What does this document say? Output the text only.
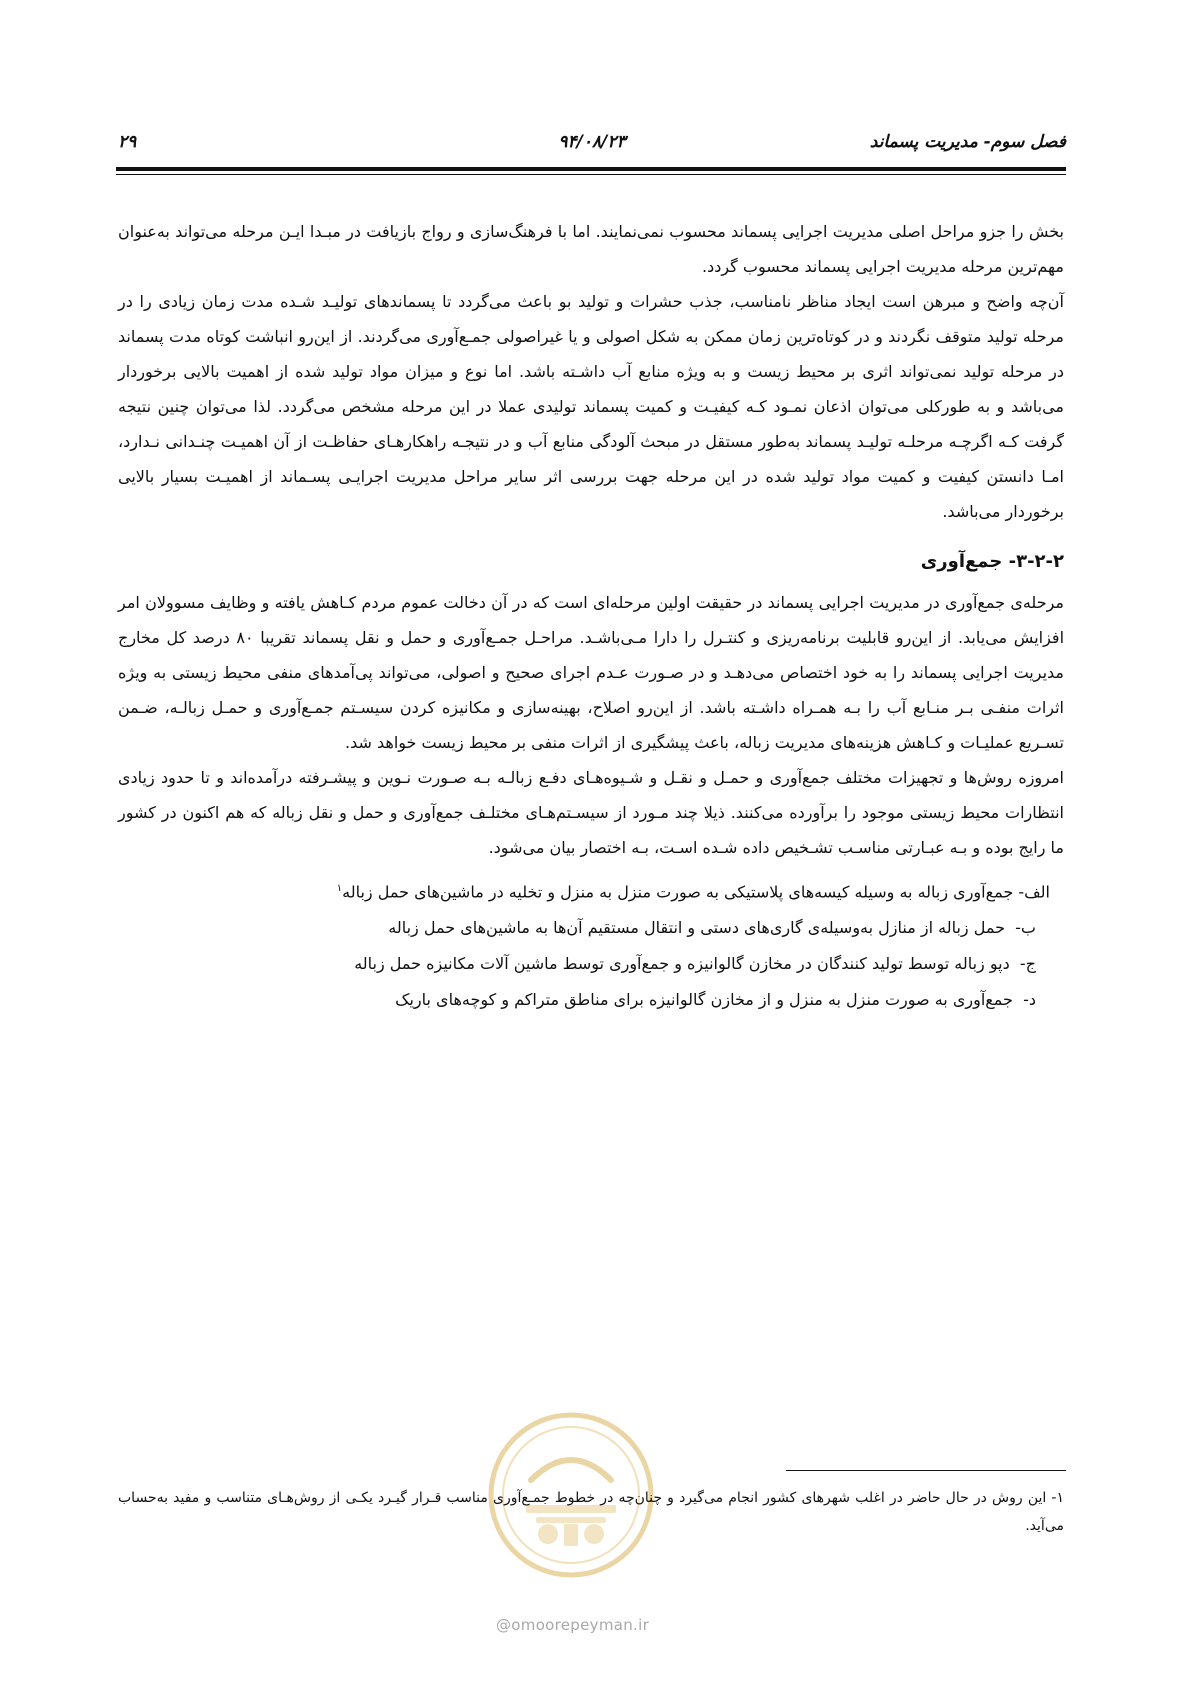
فصل سوم- مدیریت پسماند
۹۴/۰۸/۲۳
۲۹

بخش را جزو مراحل اصلی مدیریت اجرایی پسماند محسوب نمی‌نمایند. اما با فرهنگ‌سازی و رواج بازیافت در مبـدا ایـن مرحله می‌تواند به‌عنوان مهم‌ترین مرحله مدیریت اجرایی پسماند محسوب گردد.

آن‌چه واضح و مبرهن است ایجاد مناظر نامناسب، جذب حشرات و تولید بو باعث می‌گردد تا پسماندهای تولیـد شـده مدت زمان زیادی را در مرحله تولید متوقف نگردند و در کوتاه‌ترین زمان ممکن به شکل اصولی و یا غیراصولی جمـع‌آوری می‌گردند. از این‌رو انباشت کوتاه مدت پسماند در مرحله تولید نمی‌تواند اثری بر محیط زیست و به ویژه منابع آب داشـته باشد. اما نوع و میزان مواد تولید شده از اهمیت بالایی برخوردار می‌باشد و به طورکلی می‌توان اذعان نمـود کـه کیفیـت و کمیت پسماند تولیدی عملا در این مرحله مشخص می‌گردد. لذا می‌توان چنین نتیجه گرفت کـه اگرچـه مرحلـه تولیـد پسماند به‌طور مستقل در مبحث آلودگی منابع آب و در نتیجـه راهکارهـای حفاظـت از آن اهمیـت چنـدانی نـدارد، امـا دانستن کیفیت و کمیت مواد تولید شده در این مرحله جهت بررسی اثر سایر مراحل مدیریت اجرایـی پسـماند از اهمیـت بسیار بالایی برخوردار می‌باشد.

۳-۲-۲- جمع‌آوری

مرحله‌ی جمع‌آوری در مدیریت اجرایی پسماند در حقیقت اولین مرحله‌ای است که در آن دخالت عموم مردم کـاهش یافته و وظایف مسوولان امر افزایش می‌یابد. از این‌رو قابلیت برنامه‌ریزی و کنتـرل را دارا مـی‌باشـد. مراحـل جمـع‌آوری و حمل و نقل پسماند تقریبا ۸۰ درصد کل مخارج مدیریت اجرایی پسماند را به خود اختصاص می‌دهـد و در صـورت عـدم اجرای صحیح و اصولی، می‌تواند پی‌آمدهای منفی محیط زیستی به ویژه اثرات منفـی بـر منـابع آب را بـه همـراه داشـته باشد. از این‌رو اصلاح، بهینه‌سازی و مکانیزه کردن سیسـتم جمـع‌آوری و حمـل زبالـه، ضـمن تسـریع عملیـات و کـاهش هزینه‌های مدیریت زباله، باعث پیشگیری از اثرات منفی بر محیط زیست خواهد شد.

امروزه روش‌ها و تجهیزات مختلف جمع‌آوری و حمـل و نقـل و شـیوه‌هـای دفـع زبالـه بـه صـورت نـوین و پیشـرفته درآمده‌اند و تا حدود زیادی انتظارات محیط زیستی موجود را برآورده می‌کنند. ذیلا چند مـورد از سیسـتم‌هـای مختلـف جمع‌آوری و حمل و نقل زباله که هم اکنون در کشور ما رایج بوده و بـه عبـارتی مناسـب تشـخیص داده شـده اسـت، بـه اختصار بیان می‌شود.

الف- جمع‌آوری زباله به وسیله کیسه‌های پلاستیکی به صورت منزل به منزل و تخلیه در ماشین‌های حمل زباله$^۱$
ب-  حمل زباله از منازل به‌وسیله‌ی گاری‌های دستی و انتقال مستقیم آن‌ها به ماشین‌های حمل زباله
ج-  دپو زباله توسط تولید کنندگان در مخازن گالوانیزه و جمع‌آوری توسط ماشین آلات مکانیزه حمل زباله
د-  جمع‌آوری به صورت منزل به منزل و از مخازن گالوانیزه برای مناطق متراکم و کوچه‌های باریک
@omoorepeyman.ir
۱- این روش در حال حاضر در اغلب شهرهای کشور انجام می‌گیرد و چنان‌چه در خطوط جمـع‌آوری مناسب قـرار گیـرد یکـی از روش‌هـای متناسب و مفید به‌حساب می‌آید.
